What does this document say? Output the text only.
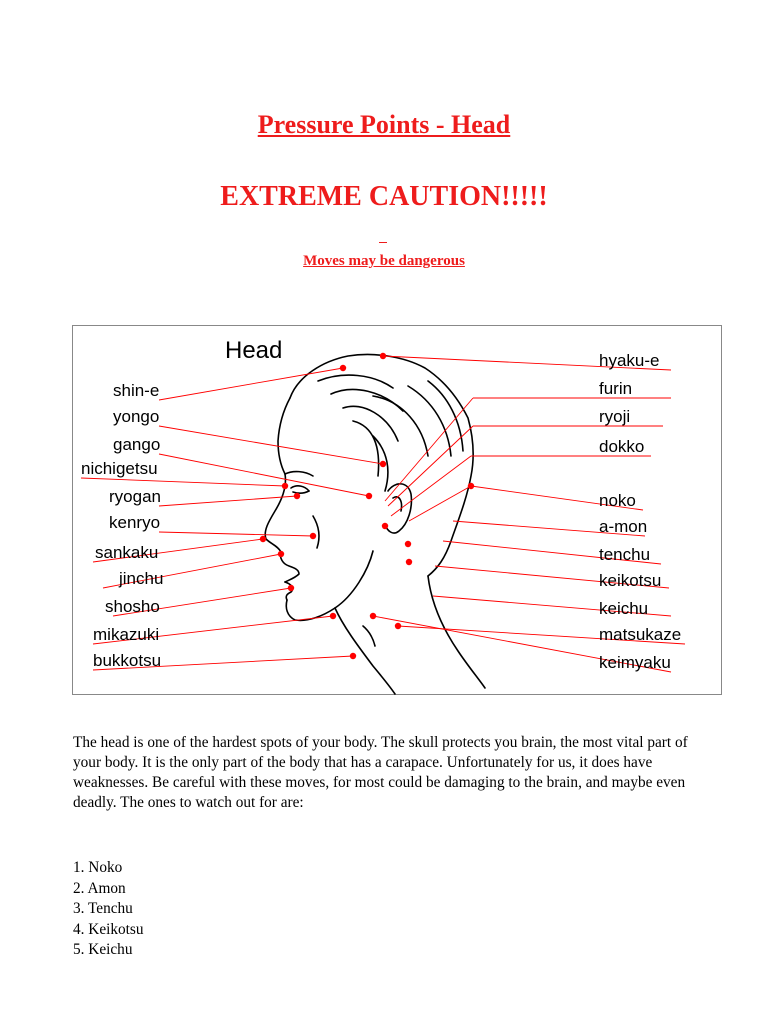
Pressure Points - Head
EXTREME CAUTION!!!!!

Moves may be dangerous

Head
shin-e
yongo
gango
nichigetsu
ryogan
kenryo
sankaku
jinchu
shosho
mikazuki
bukkotsu
hyaku-e
furin
ryoji
dokko
noko
a-mon
tenchu
keikotsu
keichu
matsukaze
keimyaku

The head is one of the hardest spots of your body. The skull protects you brain, the most vital part of your body. It is the only part of the body that has a carapace. Unfortunately for us, it does have weaknesses. Be careful with these moves, for most could be damaging to the brain, and maybe even deadly. The ones to watch out for are:

1. Noko
2. Amon
3. Tenchu
4. Keikotsu
5. Keichu
